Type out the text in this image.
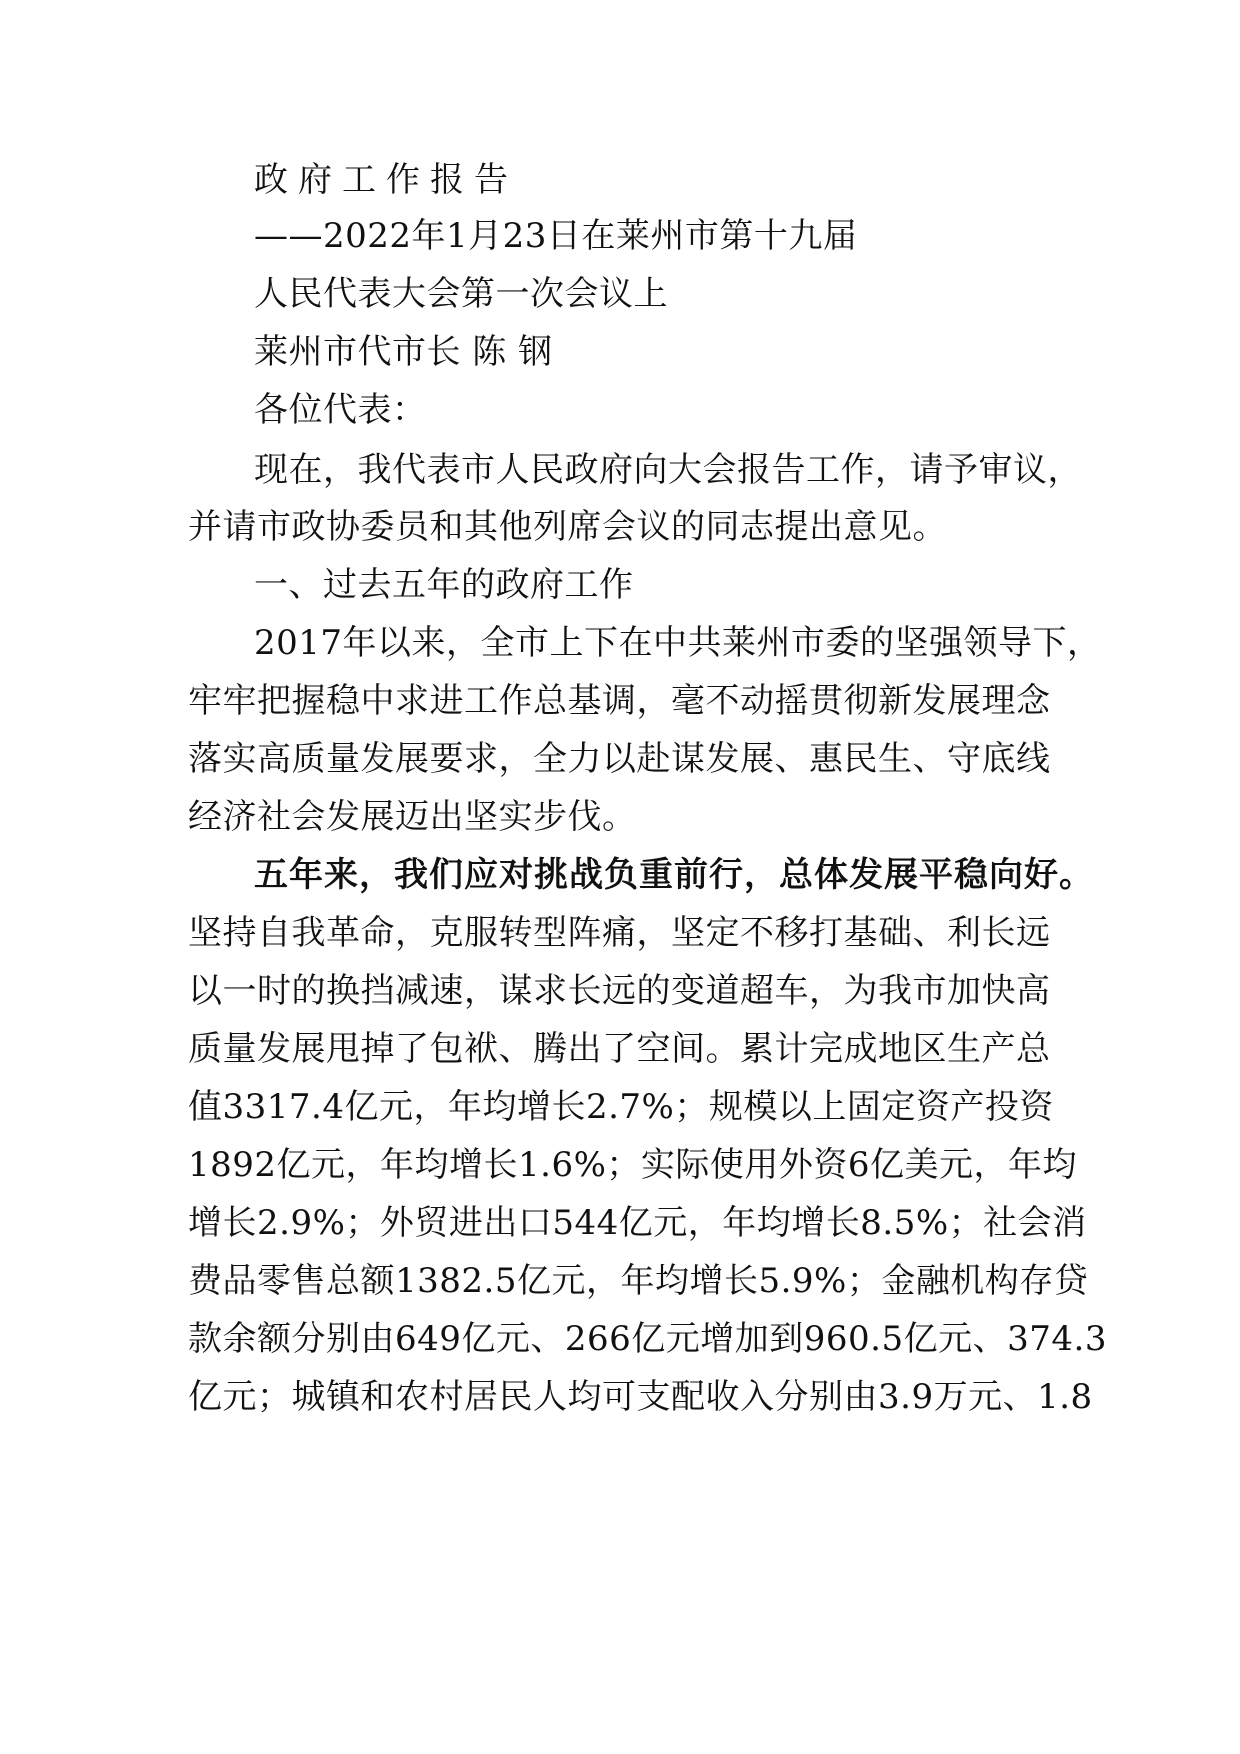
政府工作报告
——2022年1月23日在莱州市第十九届
人民代表大会第一次会议上
莱州市代市长 陈 钢
各位代表：
现在，我代表市人民政府向大会报告工作，请予审议，
并请市政协委员和其他列席会议的同志提出意见。
一、过去五年的政府工作
2017年以来，全市上下在中共莱州市委的坚强领导下，
牢牢把握稳中求进工作总基调，毫不动摇贯彻新发展理念
落实高质量发展要求，全力以赴谋发展、惠民生、守底线
经济社会发展迈出坚实步伐。
五年来，我们应对挑战负重前行，总体发展平稳向好。
坚持自我革命，克服转型阵痛，坚定不移打基础、利长远
以一时的换挡减速，谋求长远的变道超车，为我市加快高
质量发展甩掉了包袱、腾出了空间。累计完成地区生产总
值3317.4亿元，年均增长2.7%；规模以上固定资产投资
1892亿元，年均增长1.6%；实际使用外资6亿美元，年均
增长2.9%；外贸进出口544亿元，年均增长8.5%；社会消
费品零售总额1382.5亿元，年均增长5.9%；金融机构存贷
款余额分别由649亿元、266亿元增加到960.5亿元、374.3
亿元；城镇和农村居民人均可支配收入分别由3.9万元、1.8
